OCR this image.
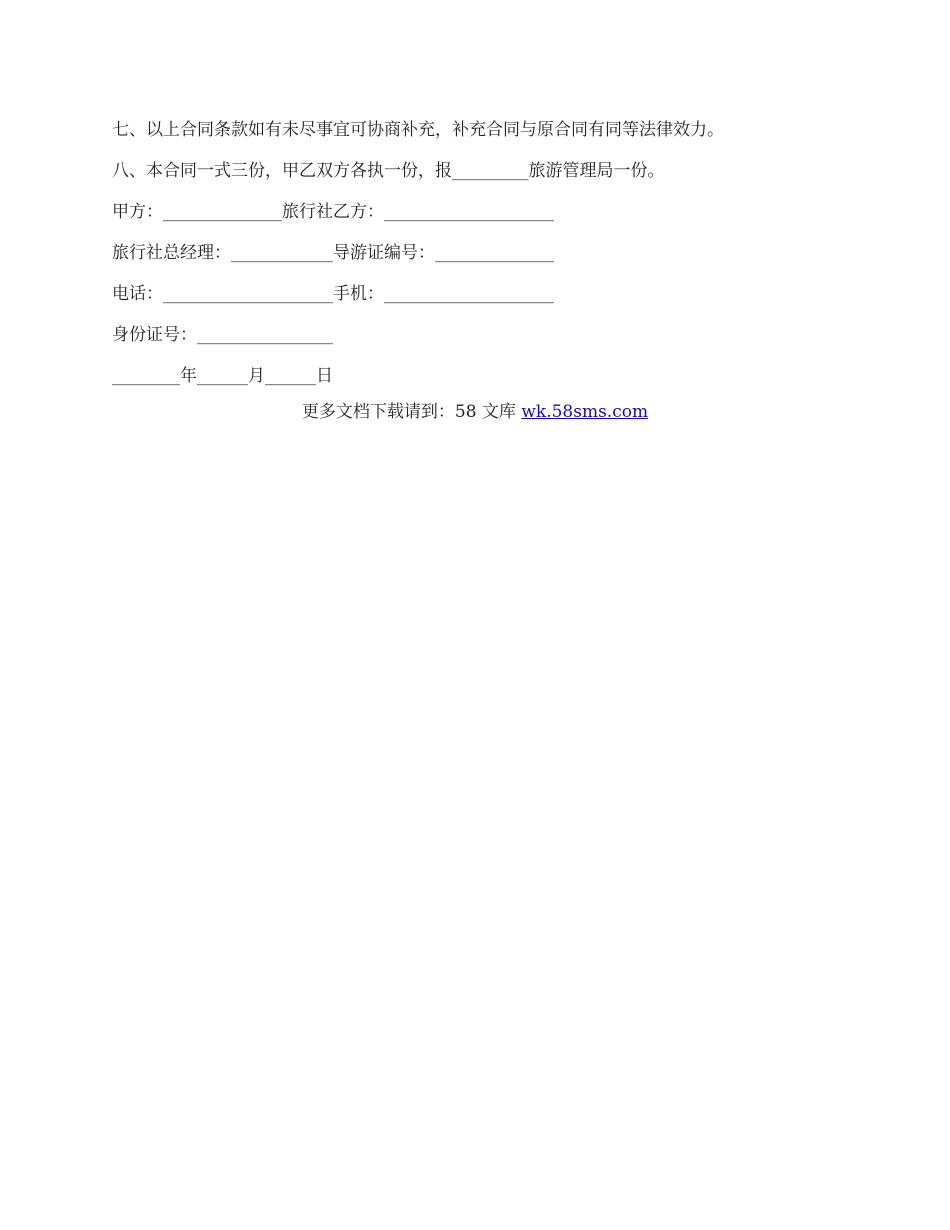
七、以上合同条款如有未尽事宜可协商补充，补充合同与原合同有同等法律效力。
八、本合同一式三份，甲乙双方各执一份，报_________旅游管理局一份。
甲方：______________旅行社乙方：____________________
旅行社总经理：____________导游证编号：______________
电话：____________________手机：____________________
身份证号：________________
________年______月______日
更多文档下载请到：58 文库 wk.58sms.com
